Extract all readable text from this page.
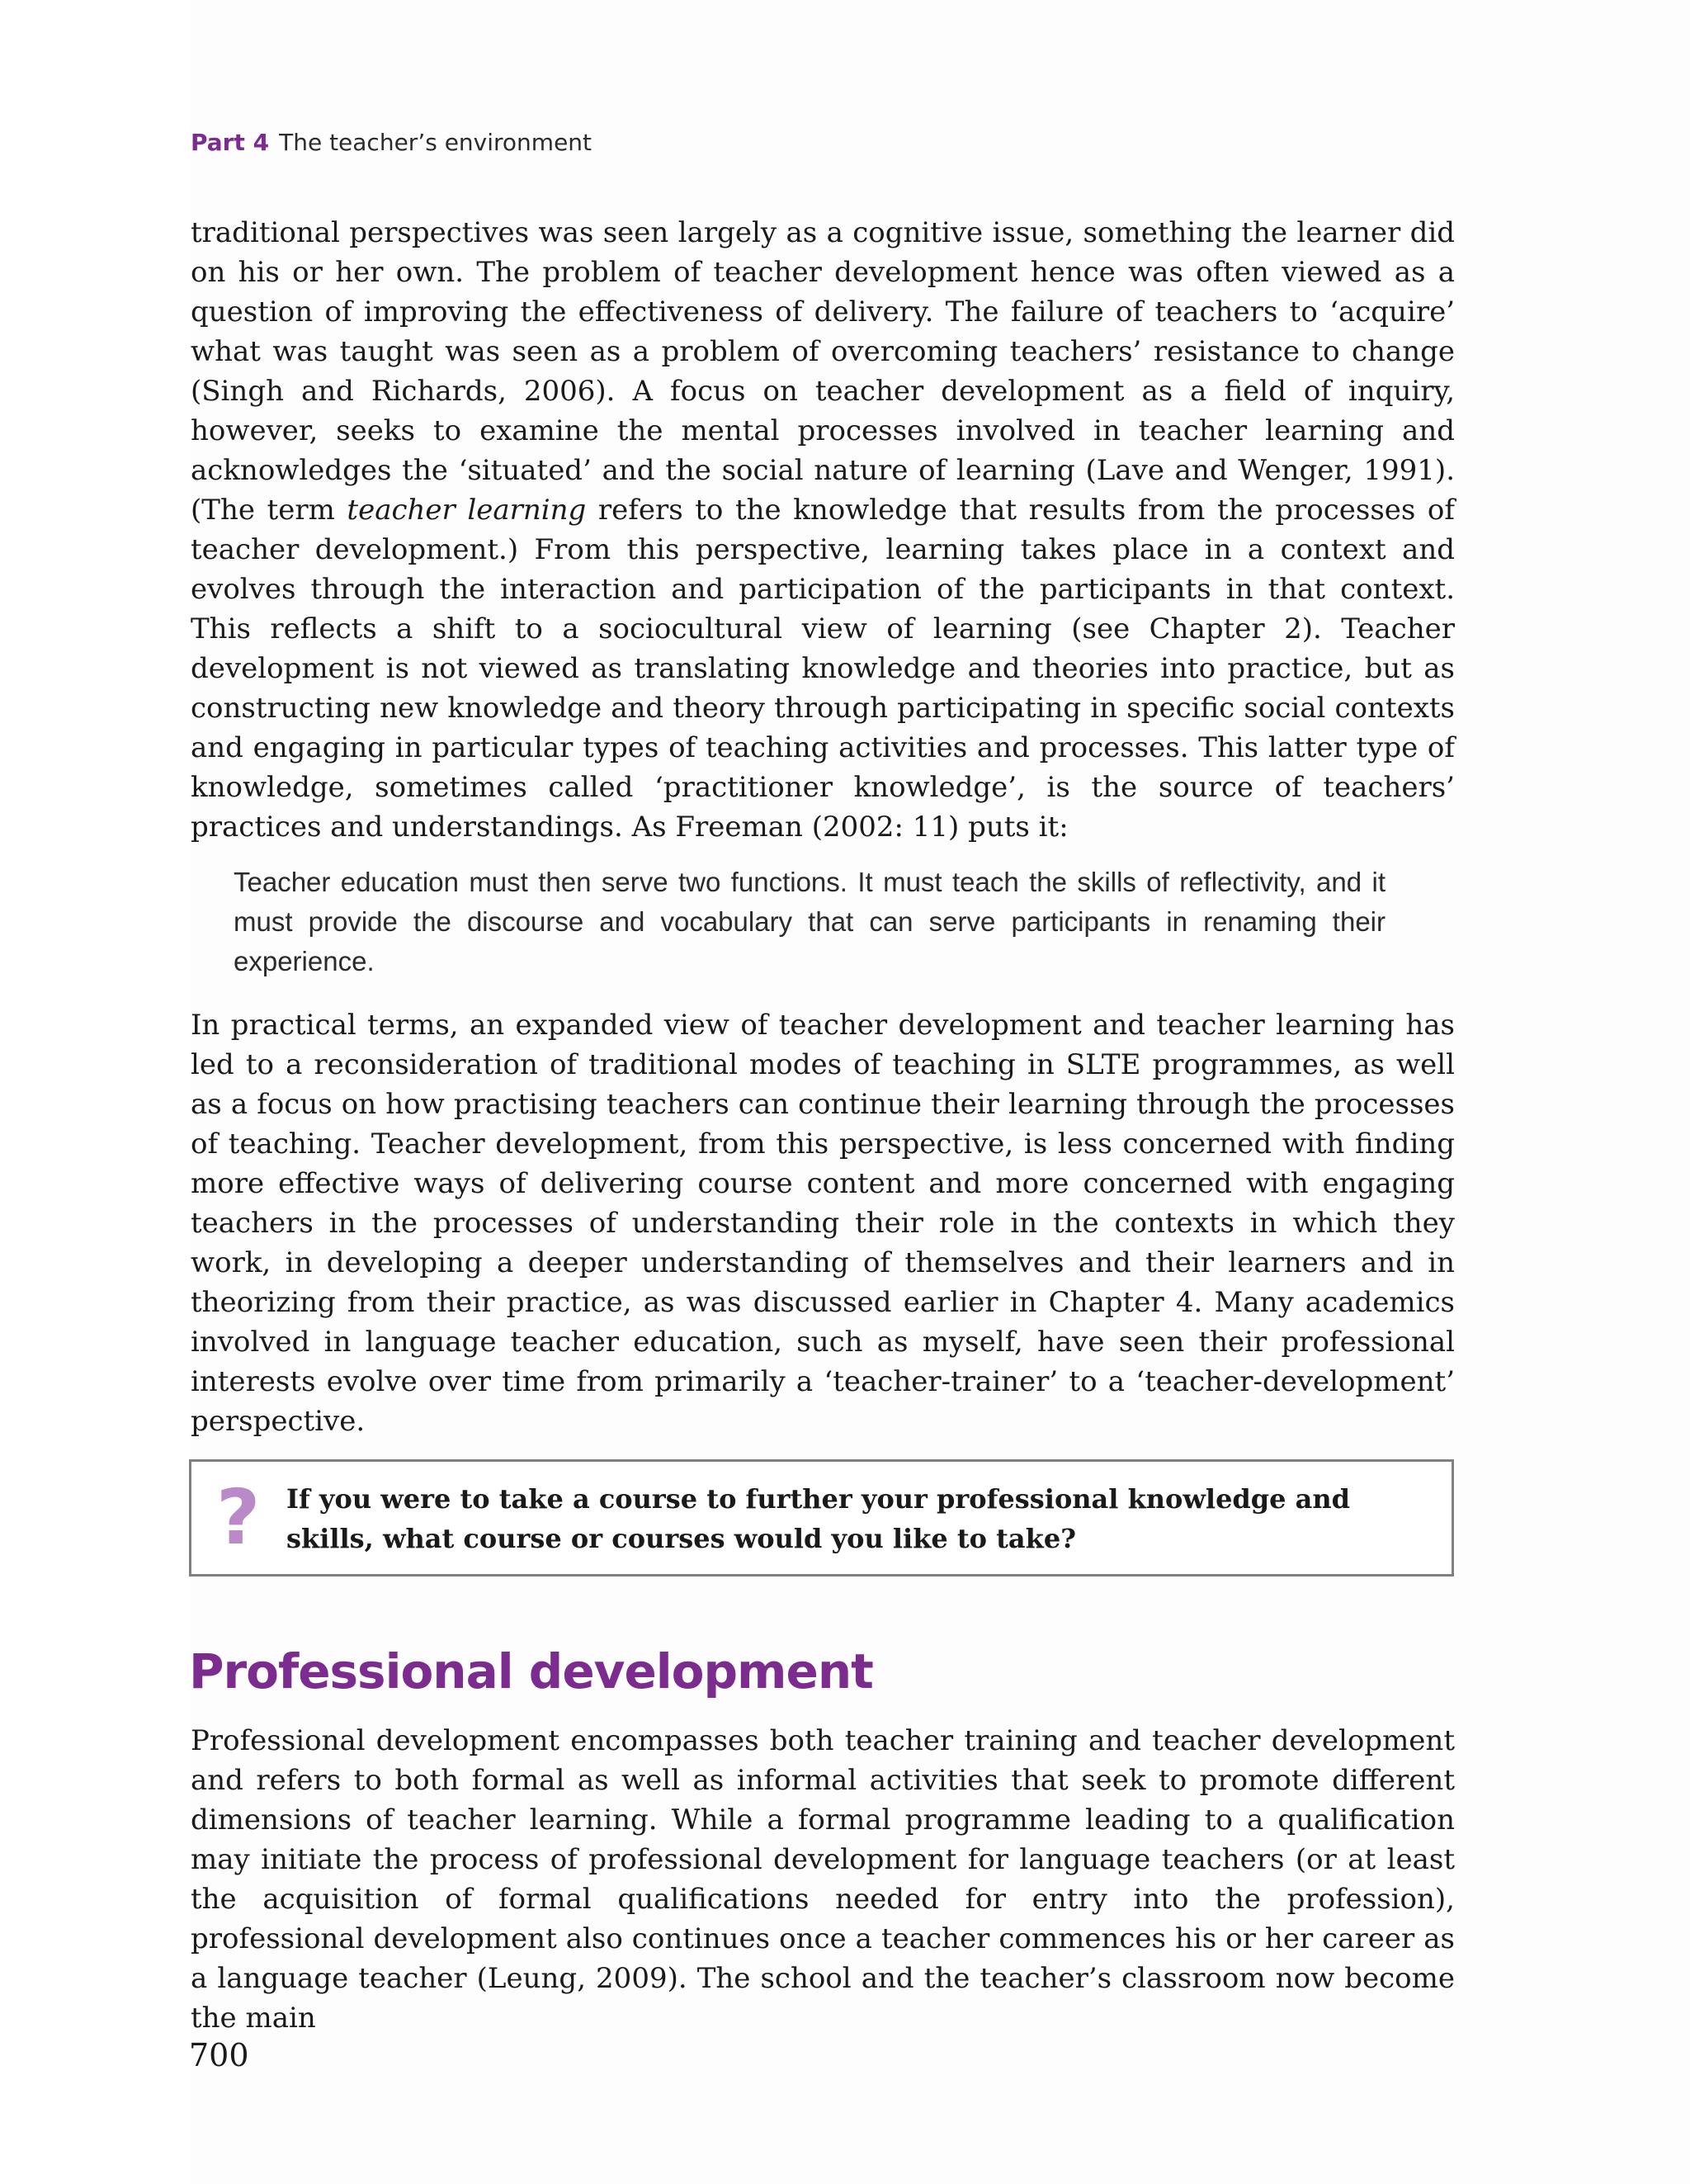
Part 4 The teacher’s environment

traditional perspectives was seen largely as a cognitive issue, something the learner did on his or her own. The problem of teacher development hence was often viewed as a question of improving the effectiveness of delivery. The failure of teachers to ‘acquire’ what was taught was seen as a problem of overcoming teachers’ resistance to change (Singh and Richards, 2006). A focus on teacher development as a field of inquiry, however, seeks to examine the mental processes involved in teacher learning and acknowledges the ‘situated’ and the social nature of learning (Lave and Wenger, 1991). (The term teacher learning refers to the knowledge that results from the processes of teacher development.) From this perspective, learning takes place in a context and evolves through the interaction and participation of the participants in that context. This reflects a shift to a sociocultural view of learning (see Chapter 2). Teacher development is not viewed as translating knowledge and theories into practice, but as constructing new knowledge and theory through participating in specific social contexts and engaging in particular types of teaching activities and processes. This latter type of knowledge, sometimes called ‘practitioner knowledge’, is the source of teachers’ practices and understandings. As Freeman (2002: 11) puts it:

Teacher education must then serve two functions. It must teach the skills of reflectivity, and it must provide the discourse and vocabulary that can serve participants in renaming their experience.

In practical terms, an expanded view of teacher development and teacher learning has led to a reconsideration of traditional modes of teaching in SLTE programmes, as well as a focus on how practising teachers can continue their learning through the processes of teaching. Teacher development, from this perspective, is less concerned with finding more effective ways of delivering course content and more concerned with engaging teachers in the processes of understanding their role in the contexts in which they work, in developing a deeper understanding of themselves and their learners and in theorizing from their practice, as was discussed earlier in Chapter 4. Many academics involved in language teacher education, such as myself, have seen their professional interests evolve over time from primarily a ‘teacher-trainer’ to a ‘teacher-development’ perspective.

? If you were to take a course to further your professional knowledge and skills, what course or courses would you like to take?

Professional development

Professional development encompasses both teacher training and teacher development and refers to both formal as well as informal activities that seek to promote different dimensions of teacher learning. While a formal programme leading to a qualification may initiate the process of professional development for language teachers (or at least the acquisition of formal qualifications needed for entry into the profession), professional development also continues once a teacher commences his or her career as a language teacher (Leung, 2009). The school and the teacher’s classroom now become the main

700
